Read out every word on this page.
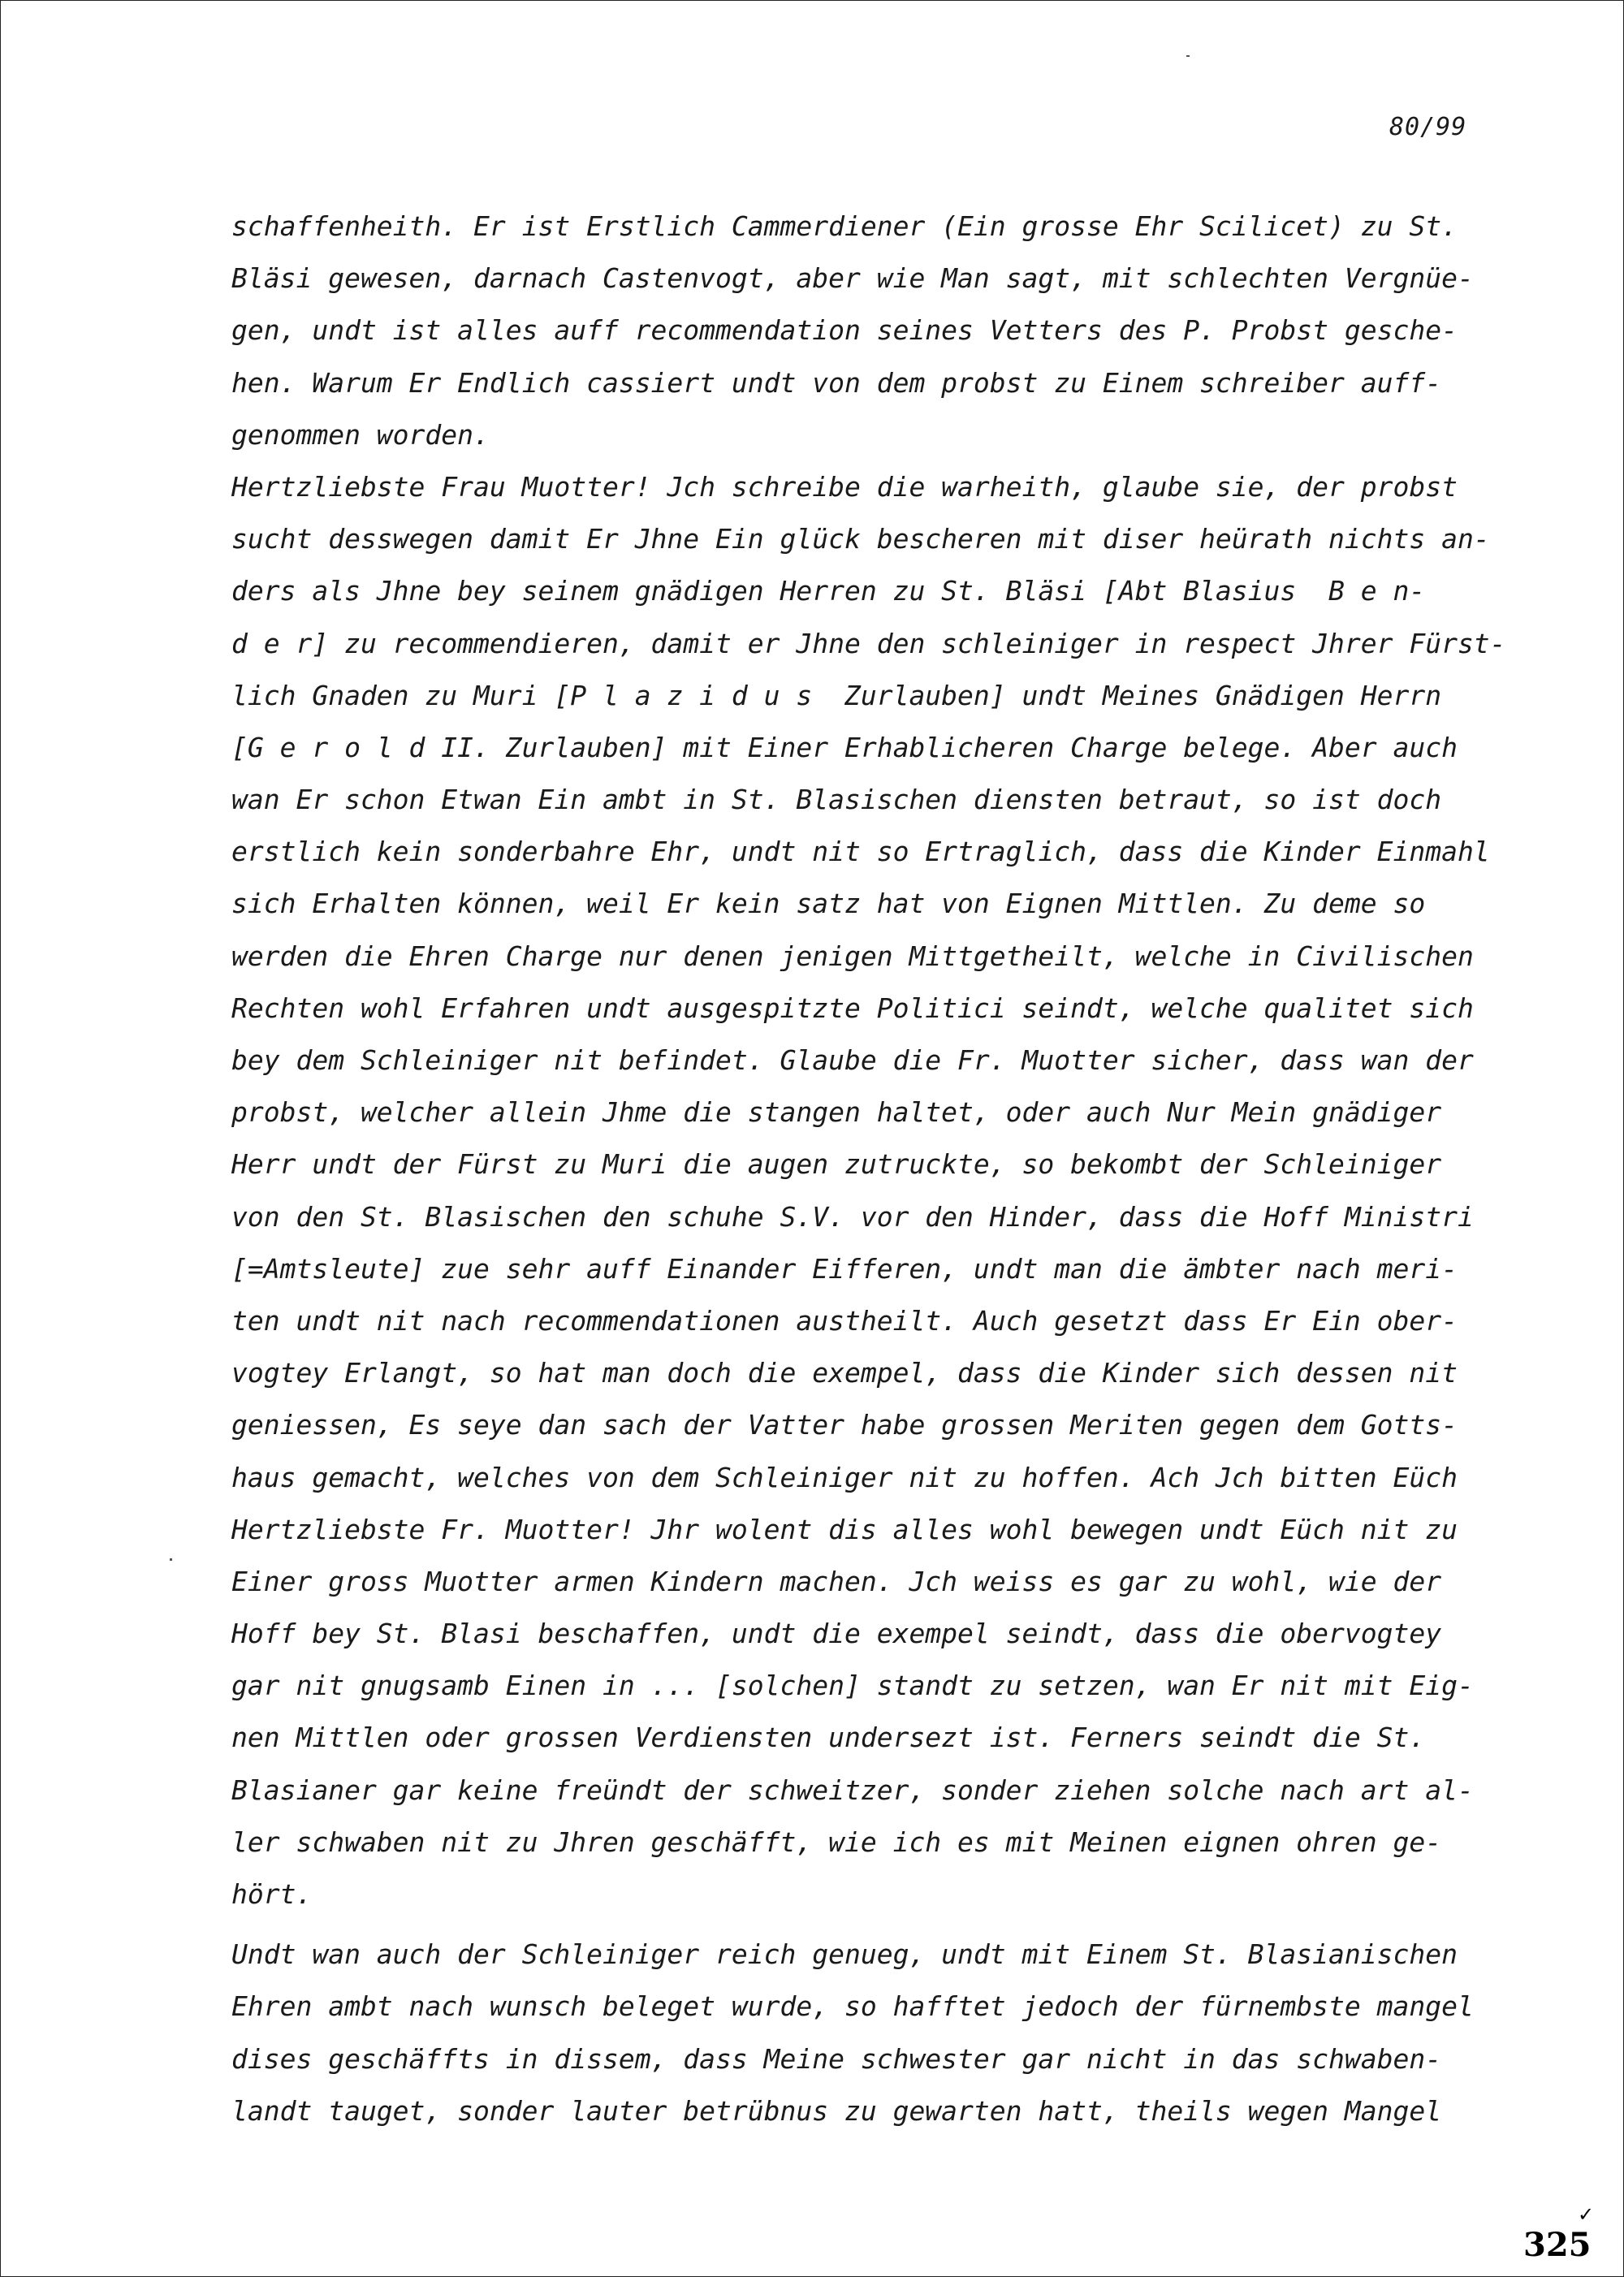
80/99
schaffenheith. Er ist Erstlich Cammerdiener (Ein grosse Ehr Scilicet) zu St.
Bläsi gewesen, darnach Castenvogt, aber wie Man sagt, mit schlechten Vergnüe-
gen, undt ist alles auff recommendation seines Vetters des P. Probst gesche-
hen. Warum Er Endlich cassiert undt von dem probst zu Einem schreiber auff-
genommen worden.
Hertzliebste Frau Muotter! Jch schreibe die warheith, glaube sie, der probst
sucht desswegen damit Er Jhne Ein glück bescheren mit diser heürath nichts an-
ders als Jhne bey seinem gnädigen Herren zu St. Bläsi [Abt Blasius  B e n-
d e r] zu recommendieren, damit er Jhne den schleiniger in respect Jhrer Fürst-
lich Gnaden zu Muri [P l a z i d u s  Zurlauben] undt Meines Gnädigen Herrn
[G e r o l d II. Zurlauben] mit Einer Erhablicheren Charge belege. Aber auch
wan Er schon Etwan Ein ambt in St. Blasischen diensten betraut, so ist doch
erstlich kein sonderbahre Ehr, undt nit so Ertraglich, dass die Kinder Einmahl
sich Erhalten können, weil Er kein satz hat von Eignen Mittlen. Zu deme so
werden die Ehren Charge nur denen jenigen Mittgetheilt, welche in Civilischen
Rechten wohl Erfahren undt ausgespitzte Politici seindt, welche qualitet sich
bey dem Schleiniger nit befindet. Glaube die Fr. Muotter sicher, dass wan der
probst, welcher allein Jhme die stangen haltet, oder auch Nur Mein gnädiger
Herr undt der Fürst zu Muri die augen zutruckte, so bekombt der Schleiniger
von den St. Blasischen den schuhe S.V. vor den Hinder, dass die Hoff Ministri
[=Amtsleute] zue sehr auff Einander Eifferen, undt man die ämbter nach meri-
ten undt nit nach recommendationen austheilt. Auch gesetzt dass Er Ein ober-
vogtey Erlangt, so hat man doch die exempel, dass die Kinder sich dessen nit
geniessen, Es seye dan sach der Vatter habe grossen Meriten gegen dem Gotts-
haus gemacht, welches von dem Schleiniger nit zu hoffen. Ach Jch bitten Eüch
Hertzliebste Fr. Muotter! Jhr wolent dis alles wohl bewegen undt Eüch nit zu
Einer gross Muotter armen Kindern machen. Jch weiss es gar zu wohl, wie der
Hoff bey St. Blasi beschaffen, undt die exempel seindt, dass die obervogtey
gar nit gnugsamb Einen in ... [solchen] standt zu setzen, wan Er nit mit Eig-
nen Mittlen oder grossen Verdiensten undersezt ist. Ferners seindt die St.
Blasianer gar keine freündt der schweitzer, sonder ziehen solche nach art al-
ler schwaben nit zu Jhren geschäfft, wie ich es mit Meinen eignen ohren ge-
hört.
Undt wan auch der Schleiniger reich genueg, undt mit Einem St. Blasianischen
Ehren ambt nach wunsch beleget wurde, so hafftet jedoch der fürnembste mangel
dises geschäffts in dissem, dass Meine schwester gar nicht in das schwaben-
landt tauget, sonder lauter betrübnus zu gewarten hatt, theils wegen Mangel
✓
325
